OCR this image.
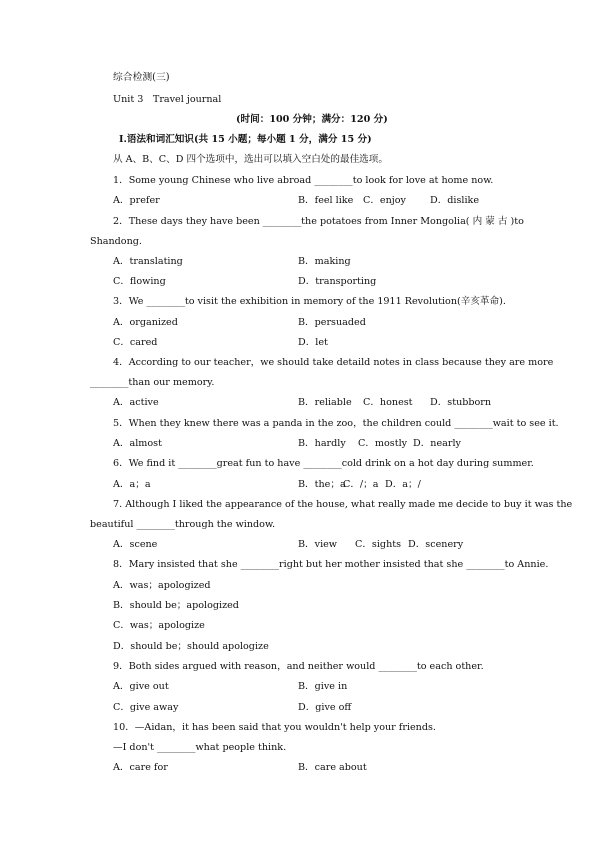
综合检测(三)
Unit 3　Travel journal
(时间：100 分钟；满分：120 分)
Ⅰ.语法和词汇知识(共 15 小题；每小题 1 分，满分 15 分)
从 A、B、C、D 四个选项中，选出可以填入空白处的最佳选项。
1．Some young Chinese who live abroad ________to look for love at home now.
A．prefer	B．feel like C．enjoy	D．dislike
2．These days they have been ________the potatoes from Inner Mongolia( 内 蒙 古 )to
Shandong.
A．translating	B．making
C．flowing	D．transporting
3．We ________to visit the exhibition in memory of the 1911 Revolution(辛亥革命).
A．organized	B．persuaded
C．cared	D．let
4．According to our teacher，we should take detaild notes in class because they are more
________than our memory.
A．active	B．reliable C．honest D．stubborn
5．When they knew there was a panda in the zoo，the children could ________wait to see it.
A．almost	B．hardly C．mostly D．nearly
6．We find it ________great fun to have ________cold drink on a hot day during summer.
A．a；a	B．the；a
C．/；a D．a；/
7. Although I liked the appearance of the house, what really made me decide to buy it was the
beautiful ________through the window.
A．scene	B．view C．sights D．scenery
8．Mary insisted that she ________right but her mother insisted that she ________to Annie.
A．was；apologized
B．should be；apologized
C．was；apologize
D．should be；should apologize
9．Both sides argued with reason，and neither would ________to each other.
A．give out	B．give in
C．give away	D．give off
10．—Aidan，it has been said that you wouldn't help your friends.
—I don't ________what people think.
A．care for	B．care about
